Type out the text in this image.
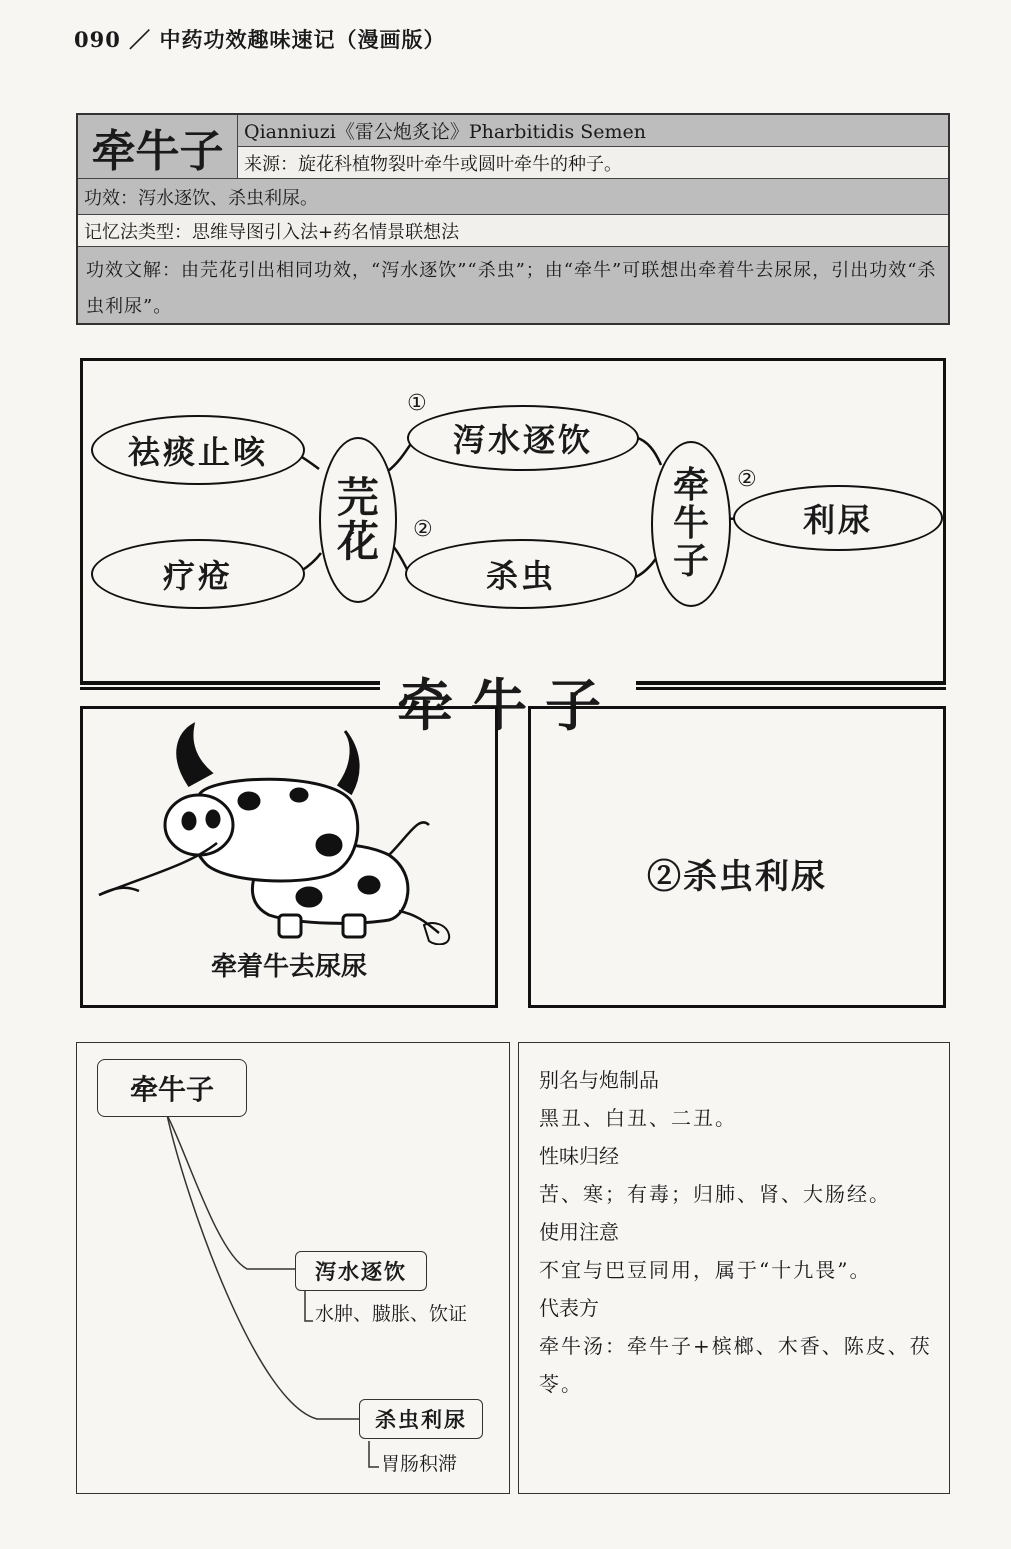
090 ／ 中药功效趣味速记（漫画版）
牵牛子	Qianniuzi《雷公炮炙论》Pharbitidis Semen
来源：旋花科植物裂叶牵牛或圆叶牵牛的种子。
功效：泻水逐饮、杀虫利尿。
记忆法类型：思维导图引入法+药名情景联想法
功效文解：由芫花引出相同功效，“泻水逐饮”“杀虫”；由“牵牛”可联想出牵着牛去尿尿，引出功效“杀虫利尿”。
祛痰止咳
疗疮
芫
花
泻水逐饮
杀虫
牵
牛
子
利尿
①
②
②
牵牛子
牵着牛去尿尿
②杀虫利尿
牵牛子
泻水逐饮
水肿、臌胀、饮证
杀虫利尿
胃肠积滞
别名与炮制品
黑丑、白丑、二丑。
性味归经
苦、寒；有毒；归肺、肾、大肠经。
使用注意
不宜与巴豆同用，属于“十九畏”。
代表方
牵牛汤：牵牛子+槟榔、木香、陈皮、茯苓。
